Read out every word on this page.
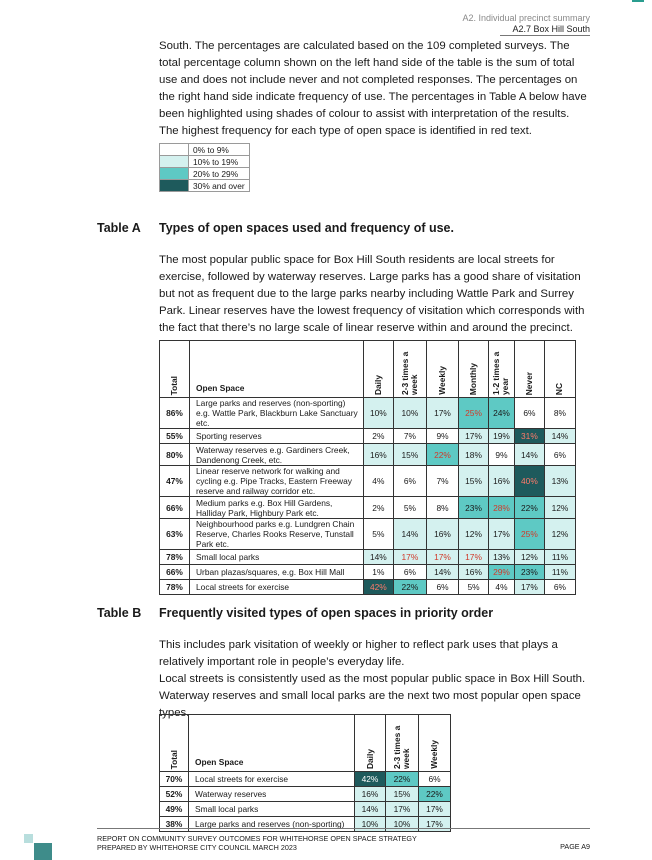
A2. Individual precinct summary
A2.7 Box Hill South
South. The percentages are calculated based on the 109 completed surveys. The total percentage column shown on the left hand side of the table is the sum of total use and does not include never and not completed responses. The percentages on the right hand side indicate frequency of use. The percentages in Table A below have been highlighted using shades of colour to assist with interpretation of the results. The highest frequency for each type of open space is identified in red text.
	0% to 9%
	10% to 19%
	20% to 29%
	30% and over
Table A Types of open spaces used and frequency of use.
The most popular public space for Box Hill South residents are local streets for exercise, followed by waterway reserves. Large parks has a good share of visitation but not as frequent due to the large parks nearby including Wattle Park and Surrey Park. Linear reserves have the lowest frequency of visitation which corresponds with the fact that there’s no large scale of linear reserve within and around the precinct.
Total	Open Space	Daily	2-3 times a week	Weekly	Monthly	1-2 times a year	Never	NC
86%	Large parks and reserves (non-sporting) e.g. Wattle Park, Blackburn Lake Sanctuary etc.	10%	10%	17%	25%	24%	6%	8%
55%	Sporting reserves	2%	7%	9%	17%	19%	31%	14%
80%	Waterway reserves e.g. Gardiners Creek, Dandenong Creek, etc.	16%	15%	22%	18%	9%	14%	6%
47%	Linear reserve network for walking and cycling e.g. Pipe Tracks, Eastern Freeway reserve and railway corridor etc.	4%	6%	7%	15%	16%	40%	13%
66%	Medium parks e.g. Box Hill Gardens, Halliday Park, Highbury Park etc.	2%	5%	8%	23%	28%	22%	12%
63%	Neighbourhood parks e.g. Lundgren Chain Reserve, Charles Rooks Reserve, Tunstall Park etc.	5%	14%	16%	12%	17%	25%	12%
78%	Small local parks	14%	17%	17%	17%	13%	12%	11%
66%	Urban plazas/squares, e.g. Box Hill Mall	1%	6%	14%	16%	29%	23%	11%
78%	Local streets for exercise	42%	22%	6%	5%	4%	17%	6%
Table B Frequently visited types of open spaces in priority order
This includes park visitation of weekly or higher to reflect park uses that plays a relatively important role in people’s everyday life.
Local streets is consistently used as the most popular public space in Box Hill South. Waterway reserves and small local parks are the next two most popular open space types.
Total	Open Space	Daily	2-3 times a week	Weekly
70%	Local streets for exercise	42%	22%	6%
52%	Waterway reserves	16%	15%	22%
49%	Small local parks	14%	17%	17%
38%	Large parks and reserves (non-sporting)	10%	10%	17%
REPORT ON COMMUNITY SURVEY OUTCOMES FOR WHITEHORSE OPEN SPACE STRATEGY
PREPARED BY WHITEHORSE CITY COUNCIL MARCH 2023	PAGE A9
